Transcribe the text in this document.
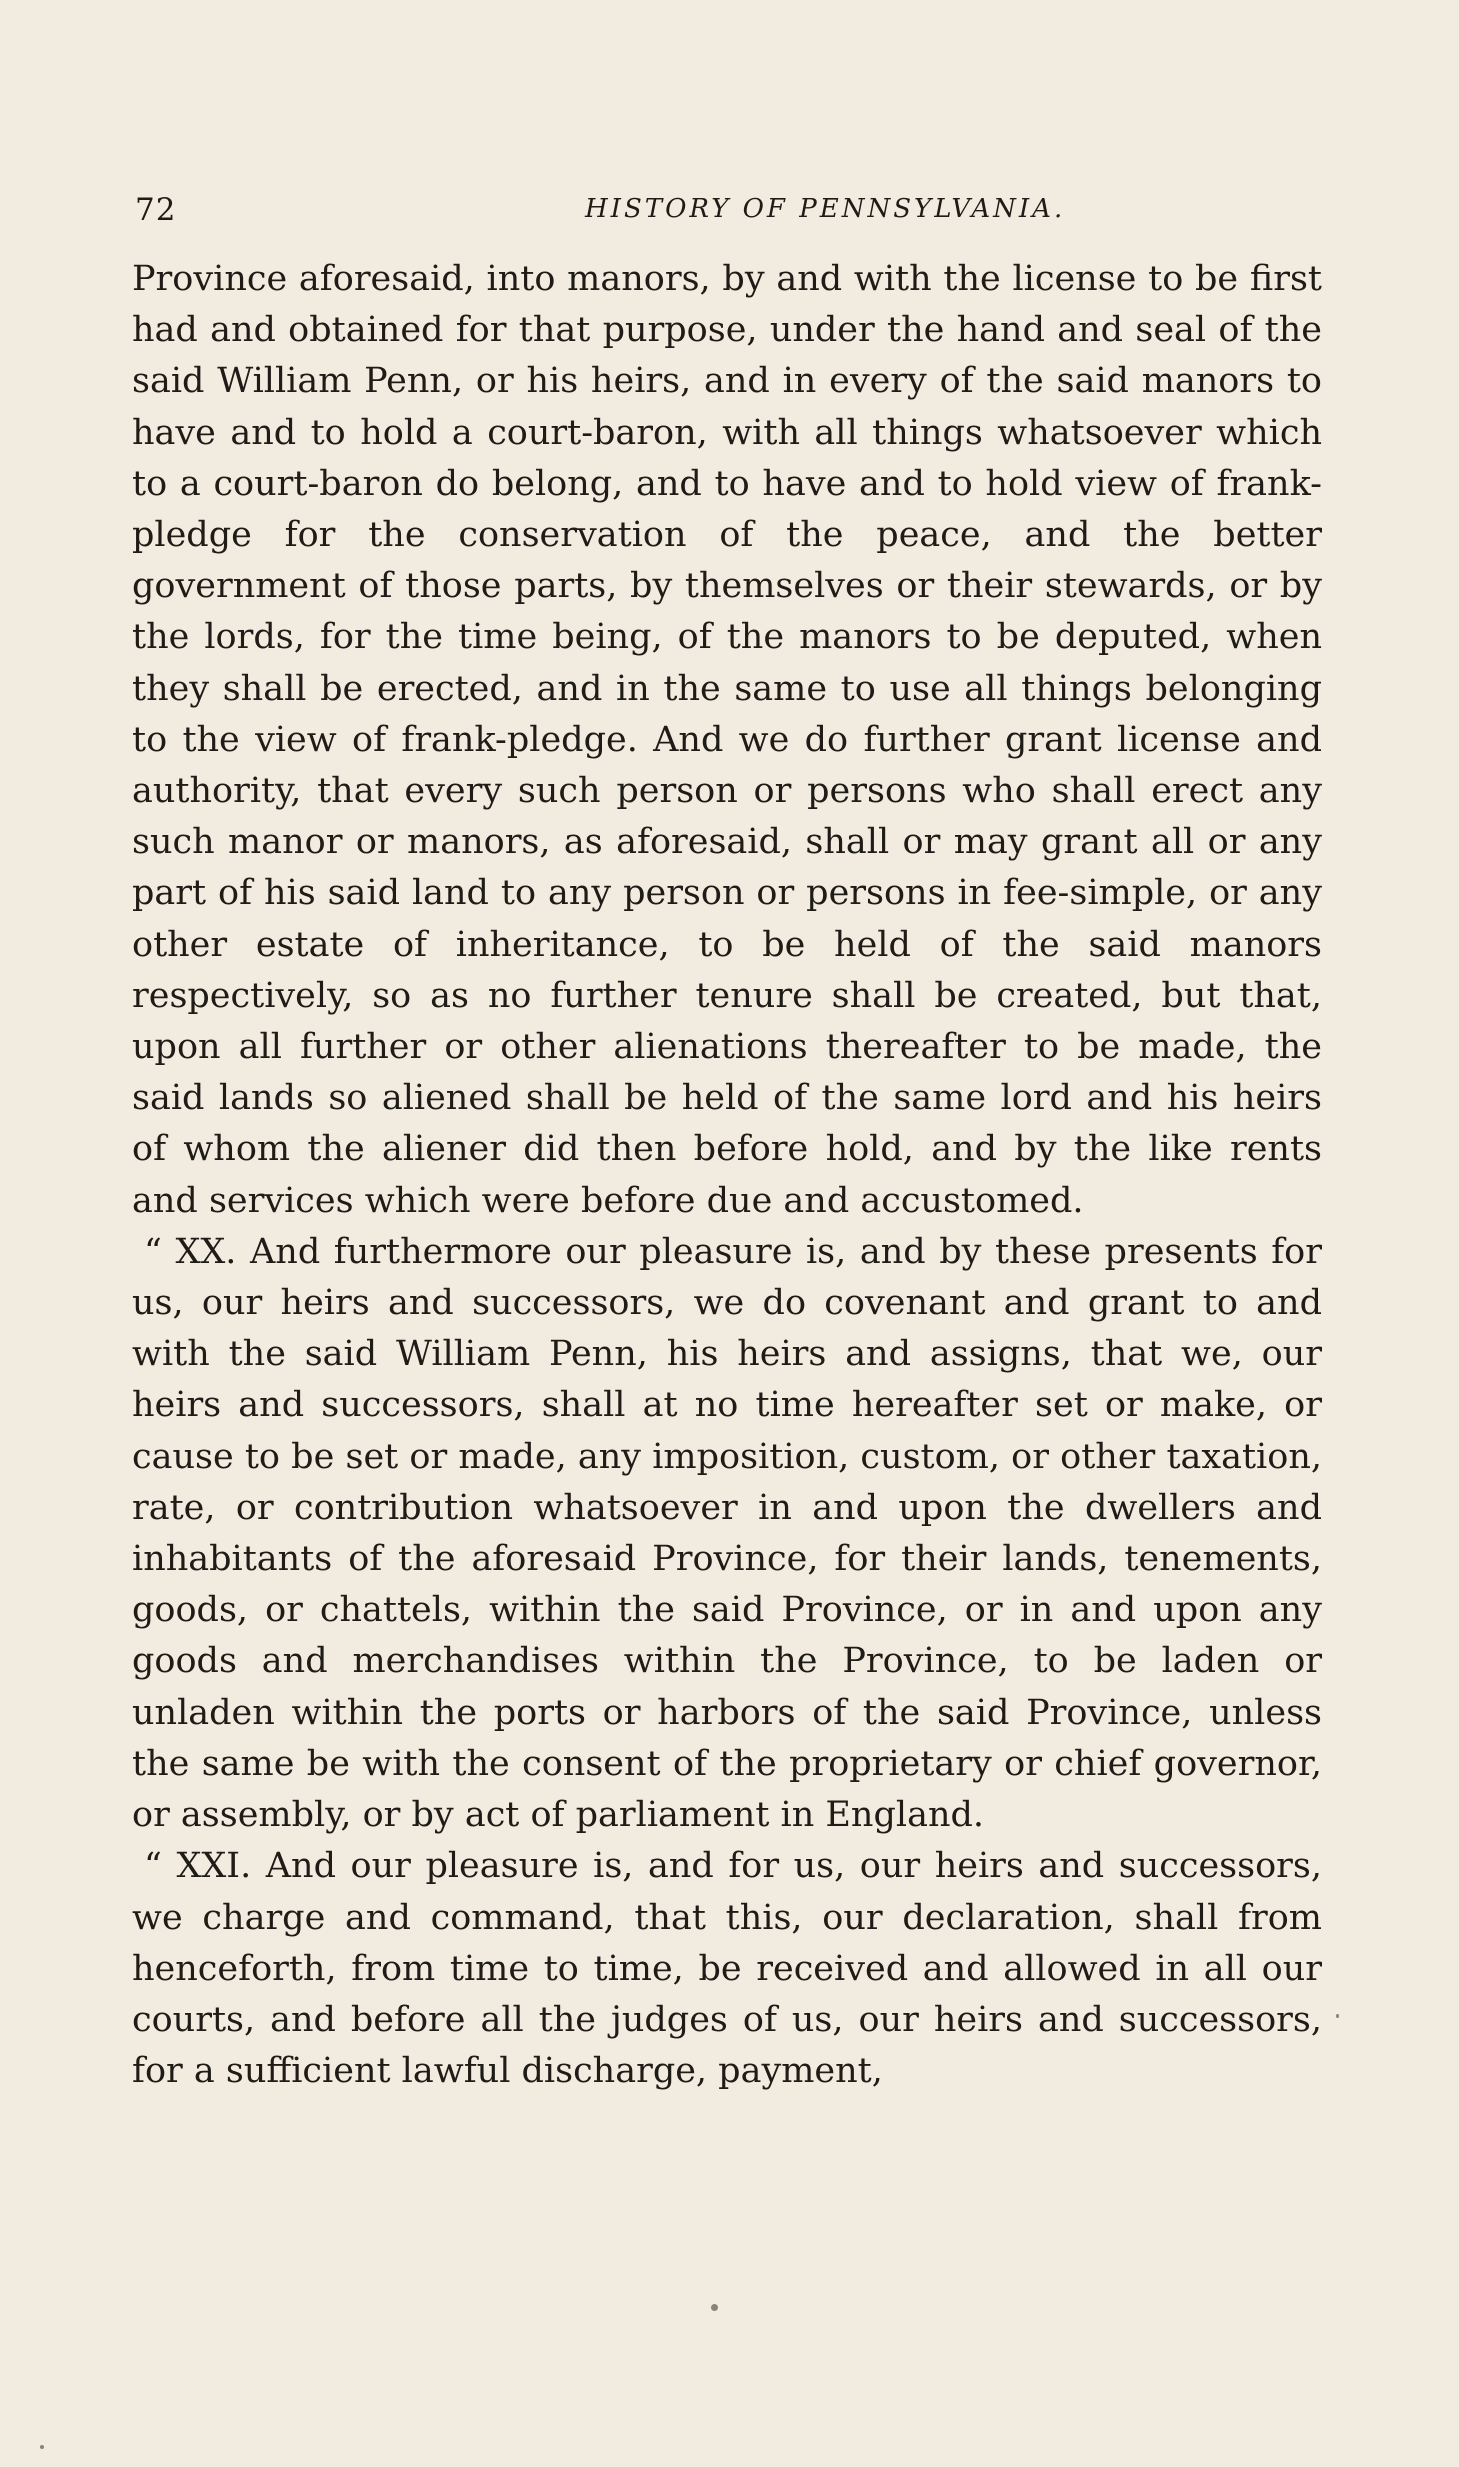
72	HISTORY OF PENNSYLVANIA.

Province aforesaid, into manors, by and with the license to be first had and obtained for that purpose, under the hand and seal of the said William Penn, or his heirs, and in every of the said manors to have and to hold a court-baron, with all things whatsoever which to a court-baron do belong, and to have and to hold view of frank-pledge for the conservation of the peace, and the better government of those parts, by themselves or their stewards, or by the lords, for the time being, of the manors to be deputed, when they shall be erected, and in the same to use all things belonging to the view of frank-pledge. And we do further grant license and authority, that every such person or persons who shall erect any such manor or manors, as aforesaid, shall or may grant all or any part of his said land to any person or persons in fee-simple, or any other estate of inheritance, to be held of the said manors respectively, so as no further tenure shall be created, but that, upon all further or other alienations thereafter to be made, the said lands so aliened shall be held of the same lord and his heirs of whom the aliener did then before hold, and by the like rents and services which were before due and accustomed.

“ XX. And furthermore our pleasure is, and by these presents for us, our heirs and successors, we do covenant and grant to and with the said William Penn, his heirs and assigns, that we, our heirs and successors, shall at no time hereafter set or make, or cause to be set or made, any imposition, custom, or other taxation, rate, or contribution whatsoever in and upon the dwellers and inhabitants of the aforesaid Province, for their lands, tenements, goods, or chattels, within the said Province, or in and upon any goods and merchandises within the Province, to be laden or unladen within the ports or harbors of the said Province, unless the same be with the consent of the proprietary or chief governor, or assembly, or by act of parliament in England.

“ XXI. And our pleasure is, and for us, our heirs and successors, we charge and command, that this, our declaration, shall from henceforth, from time to time, be received and allowed in all our courts, and before all the judges of us, our heirs and successors, for a sufficient lawful discharge, payment,
